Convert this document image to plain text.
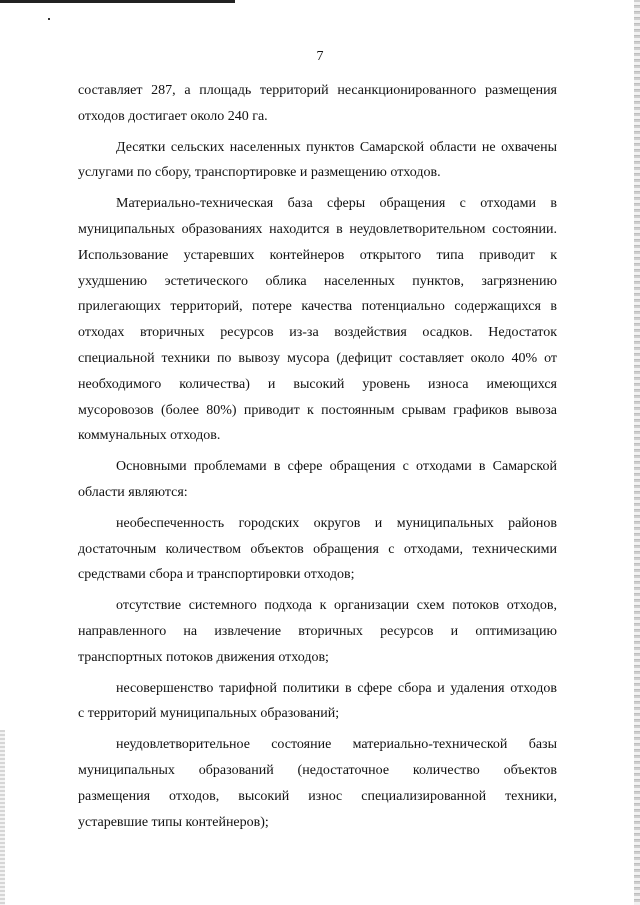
7
составляет 287, а площадь территорий несанкционированного размещения
отходов достигает около 240 га.
Десятки сельских населенных пунктов Самарской области не охвачены
услугами по сбору, транспортировке и размещению отходов.
Материально-техническая база сферы обращения с отходами в
муниципальных образованиях находится в неудовлетворительном состоянии.
Использование устаревших контейнеров открытого типа приводит к
ухудшению эстетического облика населенных пунктов, загрязнению
прилегающих территорий, потере качества потенциально содержащихся в
отходах вторичных ресурсов из-за воздействия осадков. Недостаток
специальной техники по вывозу мусора (дефицит составляет около 40% от
необходимого количества) и высокий уровень износа имеющихся
мусоровозов (более 80%) приводит к постоянным срывам графиков вывоза
коммунальных отходов.
Основными проблемами в сфере обращения с отходами в Самарской
области являются:
необеспеченность городских округов и муниципальных районов
достаточным количеством объектов обращения с отходами, техническими
средствами сбора и транспортировки отходов;
отсутствие системного подхода к организации схем потоков отходов,
направленного на извлечение вторичных ресурсов и оптимизацию
транспортных потоков движения отходов;
несовершенство тарифной политики в сфере сбора и удаления отходов
с территорий муниципальных образований;
неудовлетворительное состояние материально-технической базы
муниципальных образований (недостаточное количество объектов
размещения отходов, высокий износ специализированной техники,
устаревшие типы контейнеров);
